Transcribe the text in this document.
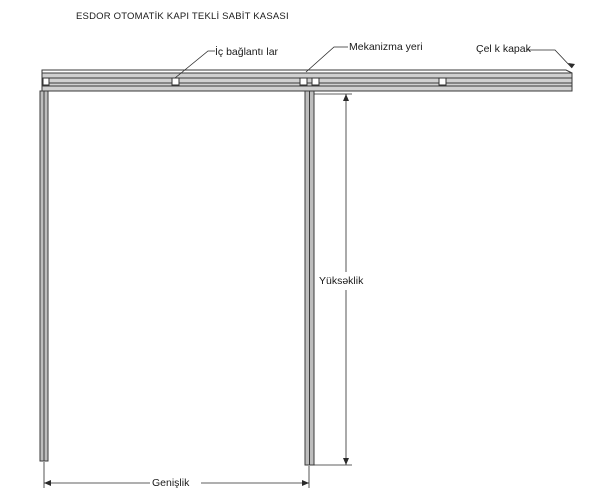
ESDOR OTOMATİK KAPI TEKLİ SABİT KASASI
İç bağlantı lar	Mekanizma yeri	Çel k kapak
Yüksəklik
Genişlik
